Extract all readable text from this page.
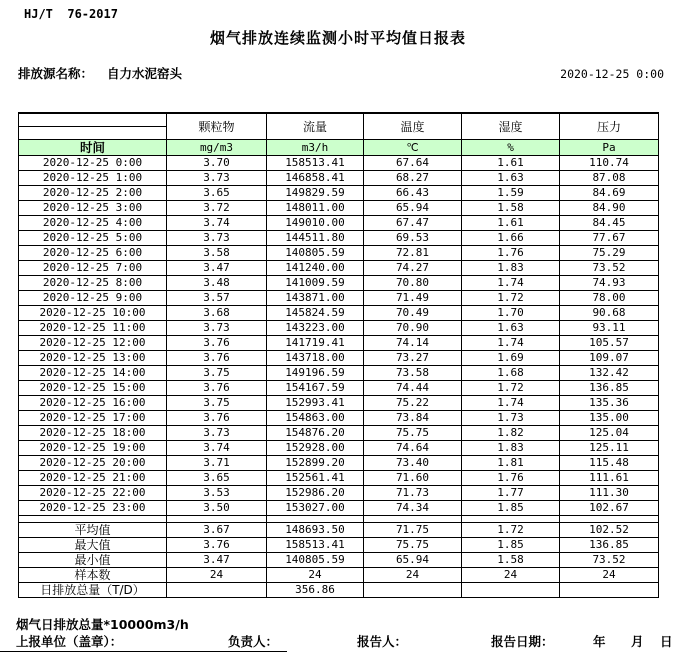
HJ/T  76-2017
烟气排放连续监测小时平均值日报表
排放源名称： 自力水泥窑头	2020-12-25 0:00
	颗粒物	流量	温度	湿度	压力

时间	mg/m3	m3/h	℃	%	Pa
2020-12-25 0:00	3.70	158513.41	67.64	1.61	110.74
2020-12-25 1:00	3.73	146858.41	68.27	1.63	87.08
2020-12-25 2:00	3.65	149829.59	66.43	1.59	84.69
2020-12-25 3:00	3.72	148011.00	65.94	1.58	84.90
2020-12-25 4:00	3.74	149010.00	67.47	1.61	84.45
2020-12-25 5:00	3.73	144511.80	69.53	1.66	77.67
2020-12-25 6:00	3.58	140805.59	72.81	1.76	75.29
2020-12-25 7:00	3.47	141240.00	74.27	1.83	73.52
2020-12-25 8:00	3.48	141009.59	70.80	1.74	74.93
2020-12-25 9:00	3.57	143871.00	71.49	1.72	78.00
2020-12-25 10:00	3.68	145824.59	70.49	1.70	90.68
2020-12-25 11:00	3.73	143223.00	70.90	1.63	93.11
2020-12-25 12:00	3.76	141719.41	74.14	1.74	105.57
2020-12-25 13:00	3.76	143718.00	73.27	1.69	109.07
2020-12-25 14:00	3.75	149196.59	73.58	1.68	132.42
2020-12-25 15:00	3.76	154167.59	74.44	1.72	136.85
2020-12-25 16:00	3.75	152993.41	75.22	1.74	135.36
2020-12-25 17:00	3.76	154863.00	73.84	1.73	135.00
2020-12-25 18:00	3.73	154876.20	75.75	1.82	125.04
2020-12-25 19:00	3.74	152928.00	74.64	1.83	125.11
2020-12-25 20:00	3.71	152899.20	73.40	1.81	115.48
2020-12-25 21:00	3.65	152561.41	71.60	1.76	111.61
2020-12-25 22:00	3.53	152986.20	71.73	1.77	111.30
2020-12-25 23:00	3.50	153027.00	74.34	1.85	102.67

平均值	3.67	148693.50	71.75	1.72	102.52
最大值	3.76	158513.41	75.75	1.85	136.85
最小值	3.47	140805.59	65.94	1.58	73.52
样本数	24	24	24	24	24
日排放总量（T/D）		356.86			
烟气日排放总量*10000m3/h
上报单位（盖章）：	负责人：	报告人：	报告日期：	年 月 日
